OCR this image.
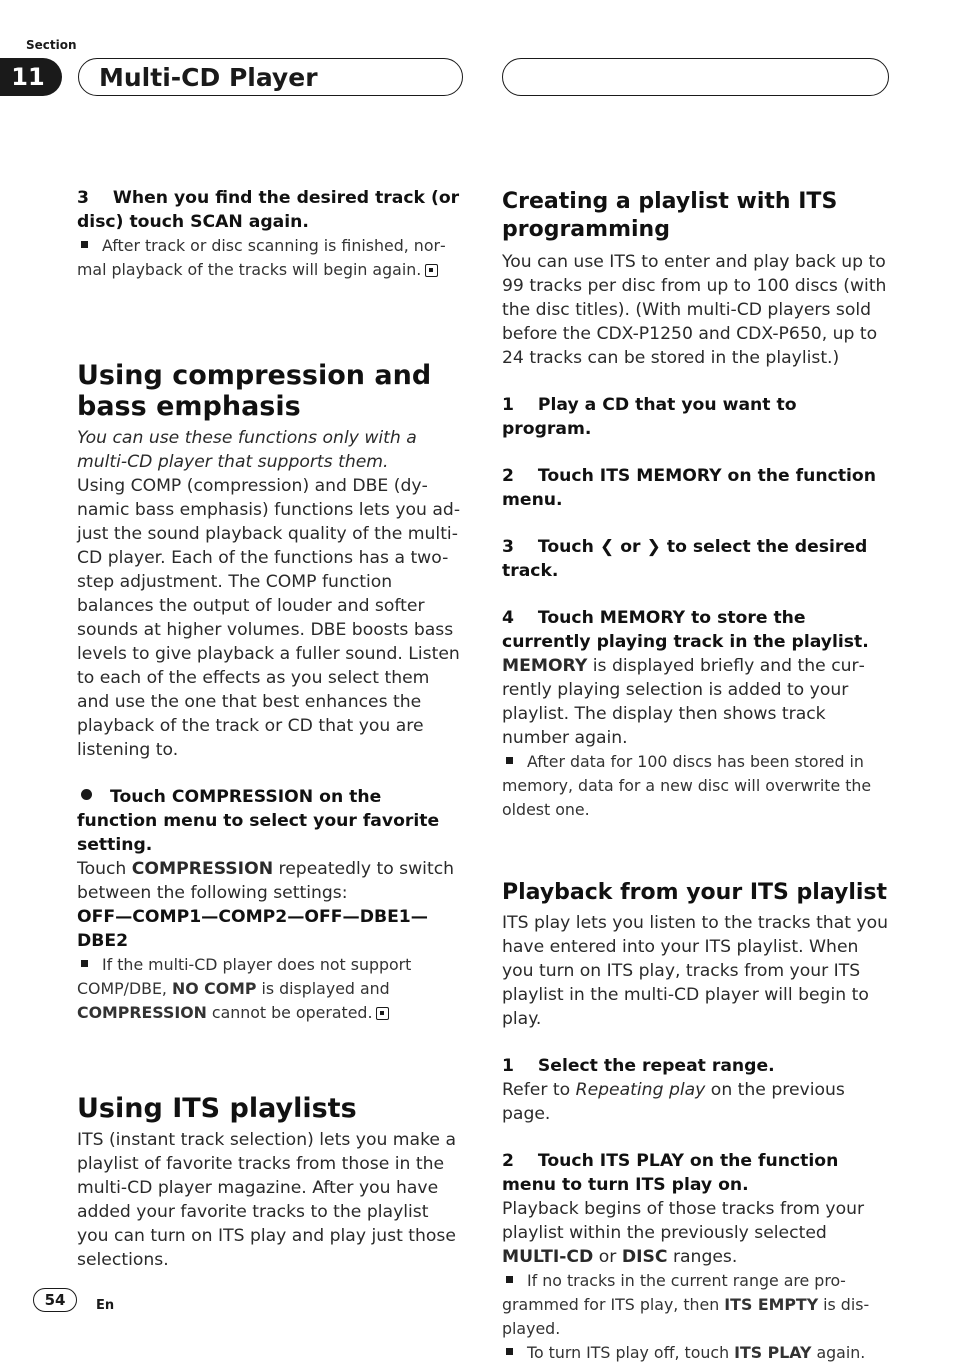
Section
11	Multi-CD Player

3 When you find the desired track (or disc) touch SCAN again.

After track or disc scanning is finished, normal playback of the tracks will begin again.

Using compression and bass emphasis

You can use these functions only with a multi-CD player that supports them.

Using COMP (compression) and DBE (dynamic bass emphasis) functions lets you adjust the sound playback quality of the multi-CD player. Each of the functions has a two-step adjustment. The COMP function balances the output of louder and softer sounds at higher volumes. DBE boosts bass levels to give playback a fuller sound. Listen to each of the effects as you select them and use the one that best enhances the playback of the track or CD that you are listening to.

Touch COMPRESSION on the function menu to select your favorite setting.

Touch COMPRESSION repeatedly to switch between the following settings:

OFF—COMP1—COMP2—OFF—DBE1—DBE2

If the multi-CD player does not support COMP/DBE, NO COMP is displayed and COMPRESSION cannot be operated.

Using ITS playlists

ITS (instant track selection) lets you make a playlist of favorite tracks from those in the multi-CD player magazine. After you have added your favorite tracks to the playlist you can turn on ITS play and play just those selections.

Creating a playlist with ITS programming

You can use ITS to enter and play back up to 99 tracks per disc from up to 100 discs (with the disc titles). (With multi-CD players sold before the CDX-P1250 and CDX-P650, up to 24 tracks can be stored in the playlist.)

1 Play a CD that you want to program.

2 Touch ITS MEMORY on the function menu.

3 Touch ❮ or ❯ to select the desired track.

4 Touch MEMORY to store the currently playing track in the playlist.

MEMORY is displayed briefly and the currently playing selection is added to your playlist. The display then shows track number again.

After data for 100 discs has been stored in memory, data for a new disc will overwrite the oldest one.

Playback from your ITS playlist

ITS play lets you listen to the tracks that you have entered into your ITS playlist. When you turn on ITS play, tracks from your ITS playlist in the multi-CD player will begin to play.

1 Select the repeat range.

Refer to Repeating play on the previous page.

2 Touch ITS PLAY on the function menu to turn ITS play on.

Playback begins of those tracks from your playlist within the previously selected MULTI-CD or DISC ranges.

If no tracks in the current range are programmed for ITS play, then ITS EMPTY is displayed.

To turn ITS play off, touch ITS PLAY again.

54	En
